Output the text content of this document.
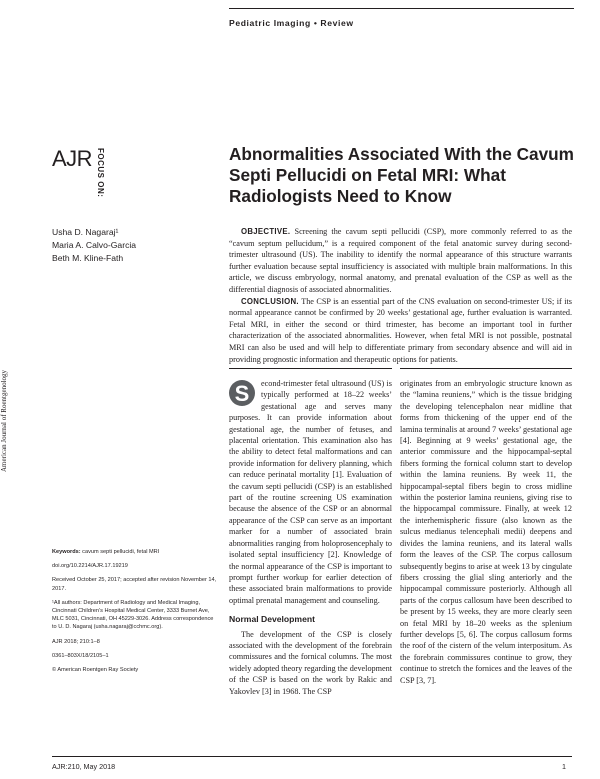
Pediatric Imaging • Review
AJR FOCUS ON:
American Journal of Roentgenology
Abnormalities Associated With the Cavum Septi Pellucidi on Fetal MRI: What Radiologists Need to Know
Usha D. Nagaraj¹
Maria A. Calvo-Garcia
Beth M. Kline-Fath

OBJECTIVE. Screening the cavum septi pellucidi (CSP), more commonly referred to as the “cavum septum pellucidum,” is a required component of the fetal anatomic survey during second-trimester ultrasound (US). The inability to identify the normal appearance of this structure warrants further evaluation because septal insufficiency is associated with multiple brain malformations. In this article, we discuss embryology, normal anatomy, and prenatal evaluation of the CSP as well as the differential diagnosis of associated abnormalities.

CONCLUSION. The CSP is an essential part of the CNS evaluation on second-trimester US; if its normal appearance cannot be confirmed by 20 weeks’ gestational age, further evaluation is warranted. Fetal MRI, in either the second or third trimester, has become an important tool in further characterization of the associated abnormalities. However, when fetal MRI is not possible, postnatal MRI can also be used and will help to differentiate primary from secondary absence and will aid in providing prognostic information and therapeutic options for patients.

S	econd-trimester fetal ultrasound (US) is typically performed at 18–22 weeks’ gestational age and serves many purposes. It can provide information about gestational age, the number of fetuses, and placental orientation. This examination also has the ability to detect fetal malformations and can provide information for delivery planning, which can reduce perinatal mortality [1]. Evaluation of the cavum septi pellucidi (CSP) is an established part of the routine screening US examination because the absence of the CSP or an abnormal appearance of the CSP can serve as an important marker for a number of associated brain abnormalities ranging from holoprosencephaly to isolated septal insufficiency [2]. Knowledge of the normal appearance of the CSP is important to prompt further workup for earlier detection of these associated brain malformations to provide optimal prenatal management and counseling.

Normal Development

The development of the CSP is closely associated with the development of the forebrain commissures and the fornical columns. The most widely adopted theory regarding the development of the CSP is based on the work by Rakic and Yakovlev [3] in 1968. The CSP

originates from an embryologic structure known as the “lamina reuniens,” which is the tissue bridging the developing telencephalon near midline that forms from thickening of the upper end of the lamina terminalis at around 7 weeks’ gestational age [4]. Beginning at 9 weeks’ gestational age, the anterior commissure and the hippocampal-septal fibers forming the fornical column start to develop within the lamina reuniens. By week 11, the hippocampal-septal fibers begin to cross midline within the posterior lamina reuniens, giving rise to the hippocampal commissure. Finally, at week 12 the interhemispheric fissure (also known as the sulcus medianus telencephali medii) deepens and divides the lamina reuniens, and its lateral walls form the leaves of the CSP. The corpus callosum subsequently begins to arise at week 13 by cingulate fibers crossing the glial sling anteriorly and the hippocampal commissure posteriorly. Although all parts of the corpus callosum have been described to be present by 15 weeks, they are more clearly seen on fetal MRI by 18–20 weeks as the splenium further develops [5, 6]. The corpus callosum forms the roof of the cistern of the velum interpositum. As the forebrain commissures continue to grow, they continue to stretch the fornices and the leaves of the CSP [3, 7].

Keywords: cavum septi pellucidi, fetal MRI
doi.org/10.2214/AJR.17.19219
Received October 25, 2017; accepted after revision November 14, 2017.
¹All authors: Department of Radiology and Medical Imaging, Cincinnati Children’s Hospital Medical Center, 3333 Burnet Ave, MLC 5031, Cincinnati, OH 45229-3026. Address correspondence to U. D. Nagaraj (usha.nagaraj@cchmc.org).
AJR 2018; 210:1–8
0361–803X/18/2105–1
© American Roentgen Ray Society
AJR:210, May 2018	1
